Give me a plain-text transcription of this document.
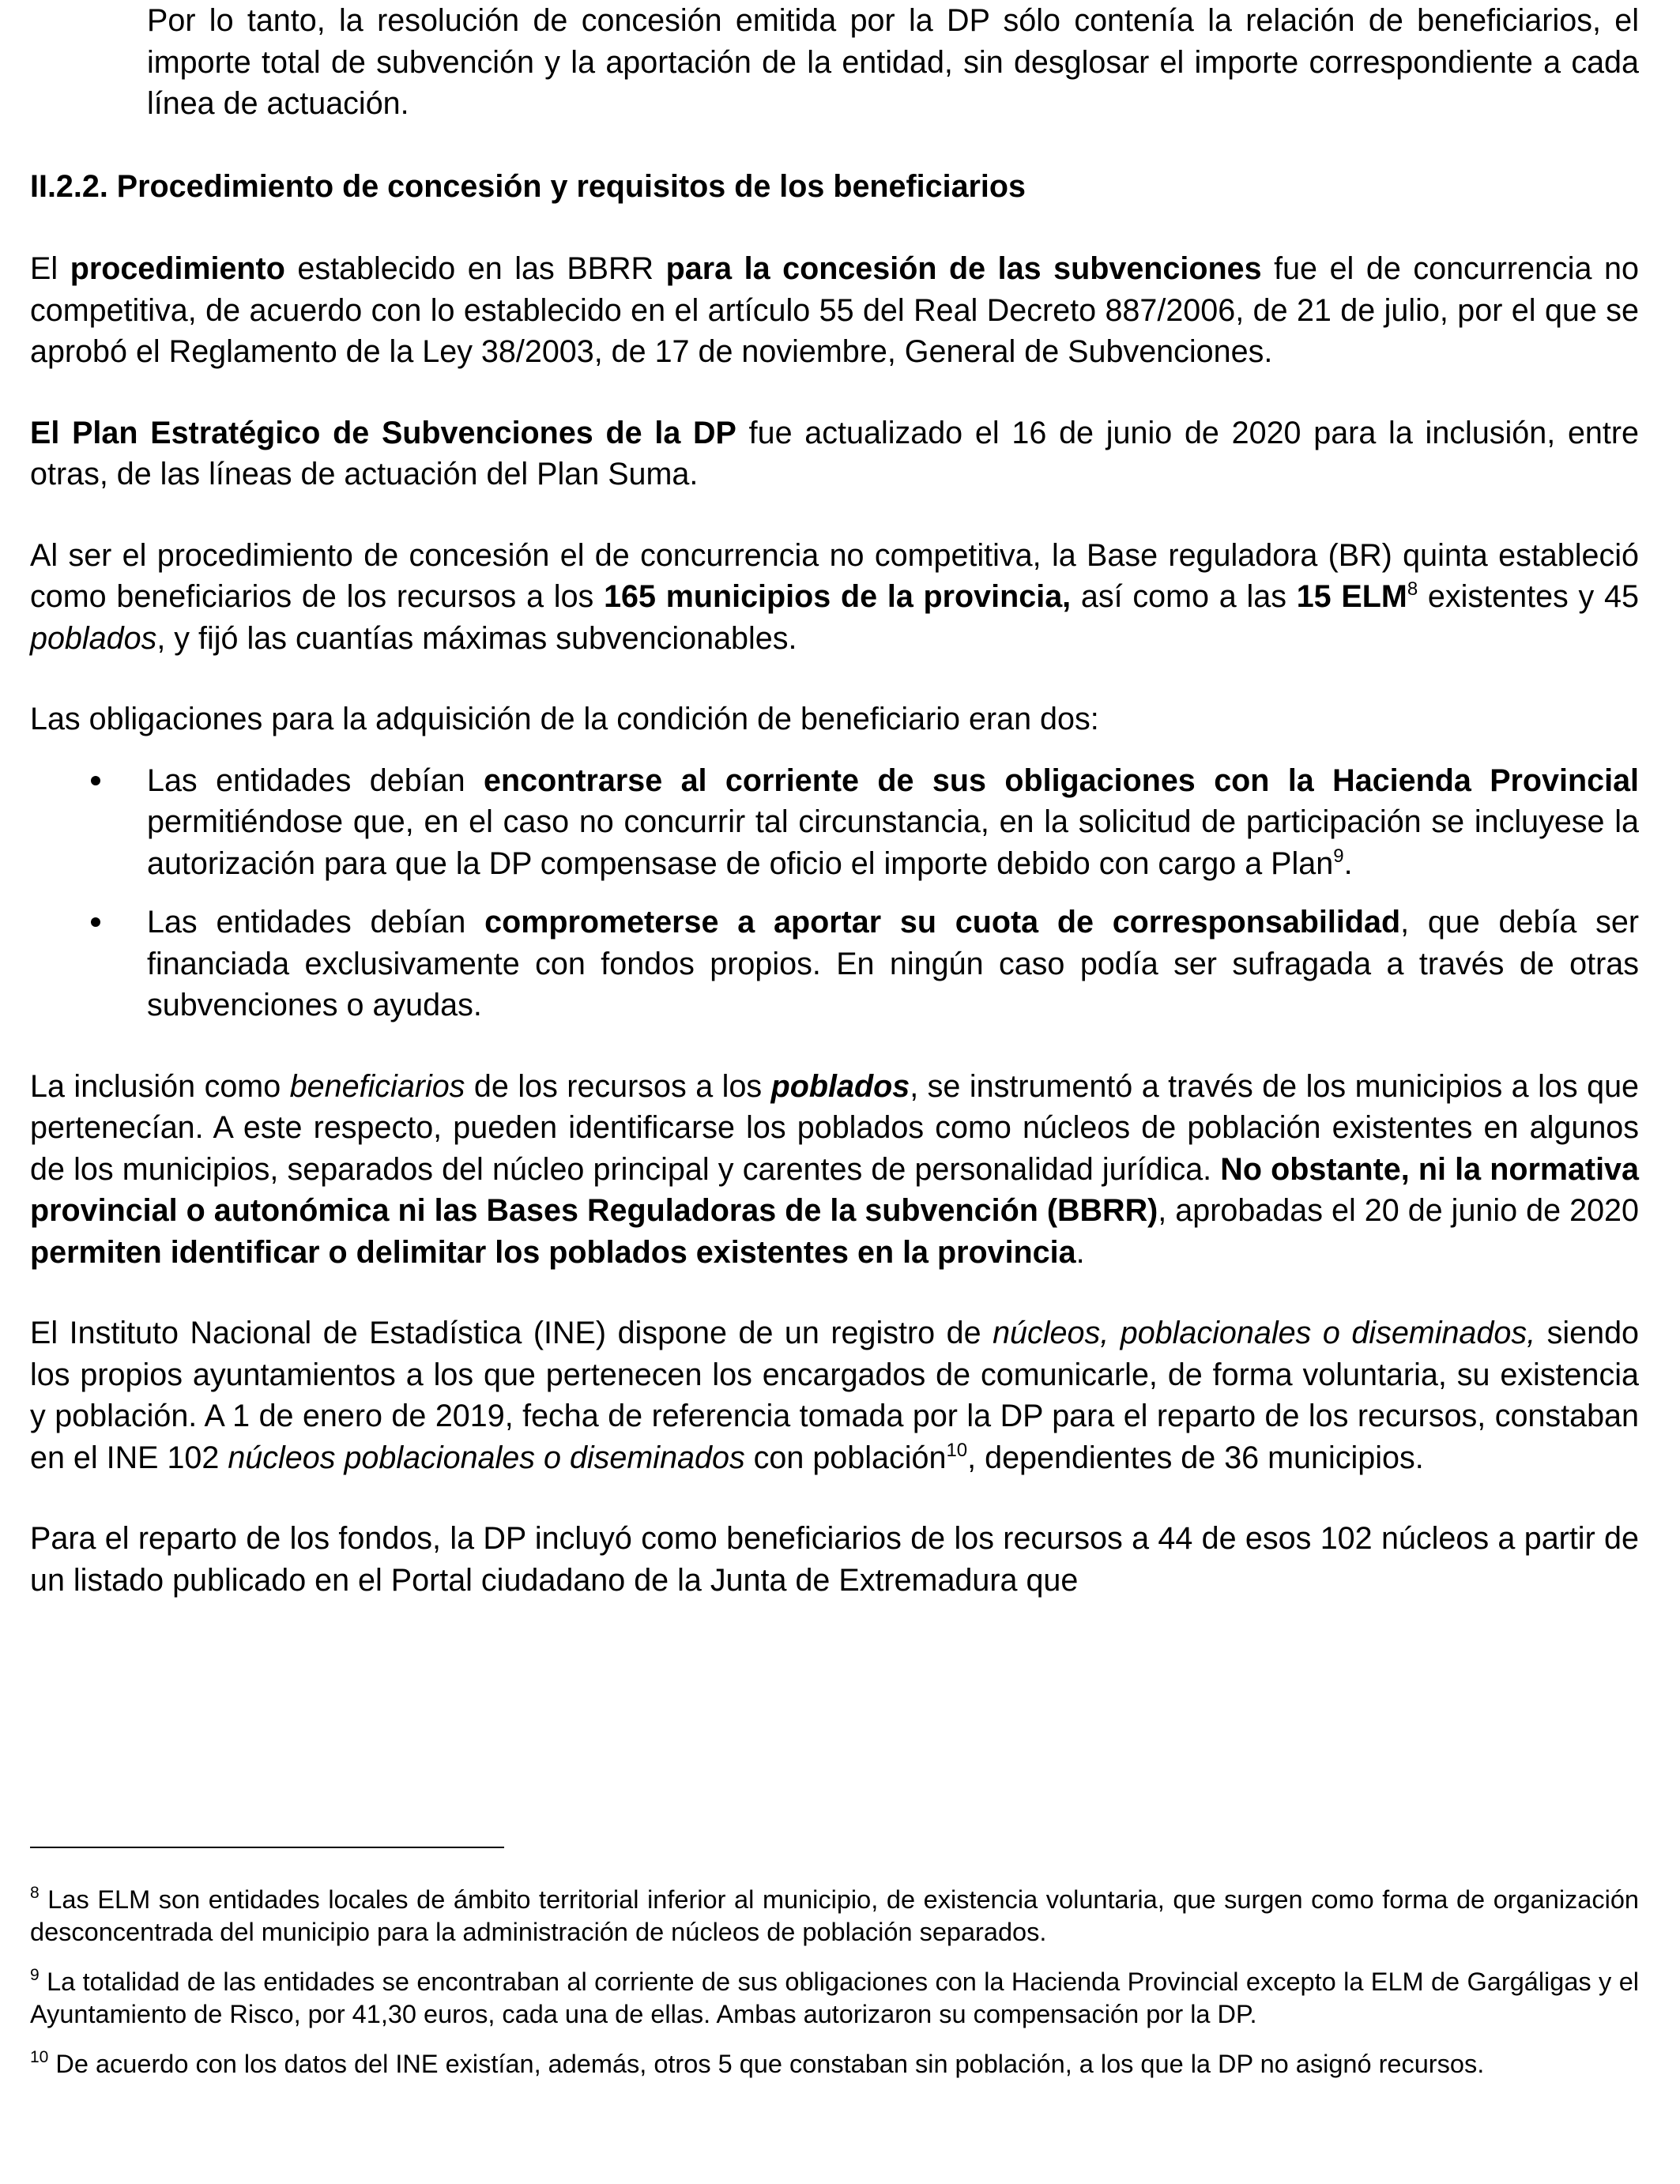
Por lo tanto, la resolución de concesión emitida por la DP sólo contenía la relación de beneficiarios, el importe total de subvención y la aportación de la entidad, sin desglosar el importe correspondiente a cada línea de actuación.

II.2.2. Procedimiento de concesión y requisitos de los beneficiarios

El procedimiento establecido en las BBRR para la concesión de las subvenciones fue el de concurrencia no competitiva, de acuerdo con lo establecido en el artículo 55 del Real Decreto 887/2006, de 21 de julio, por el que se aprobó el Reglamento de la Ley 38/2003, de 17 de noviembre, General de Subvenciones.

El Plan Estratégico de Subvenciones de la DP fue actualizado el 16 de junio de 2020 para la inclusión, entre otras, de las líneas de actuación del Plan Suma.

Al ser el procedimiento de concesión el de concurrencia no competitiva, la Base reguladora (BR) quinta estableció como beneficiarios de los recursos a los 165 municipios de la provincia, así como a las 15 ELM$^8$ existentes y 45 poblados, y fijó las cuantías máximas subvencionables.

Las obligaciones para la adquisición de la condición de beneficiario eran dos:

Las entidades debían encontrarse al corriente de sus obligaciones con la Hacienda Provincial permitiéndose que, en el caso no concurrir tal circunstancia, en la solicitud de participación se incluyese la autorización para que la DP compensase de oficio el importe debido con cargo a Plan$^9$.

Las entidades debían comprometerse a aportar su cuota de corresponsabilidad, que debía ser financiada exclusivamente con fondos propios. En ningún caso podía ser sufragada a través de otras subvenciones o ayudas.

La inclusión como beneficiarios de los recursos a los poblados, se instrumentó a través de los municipios a los que pertenecían. A este respecto, pueden identificarse los poblados como núcleos de población existentes en algunos de los municipios, separados del núcleo principal y carentes de personalidad jurídica. No obstante, ni la normativa provincial o autonómica ni las Bases Reguladoras de la subvención (BBRR), aprobadas el 20 de junio de 2020 permiten identificar o delimitar los poblados existentes en la provincia.

El Instituto Nacional de Estadística (INE) dispone de un registro de núcleos, poblacionales o diseminados, siendo los propios ayuntamientos a los que pertenecen los encargados de comunicarle, de forma voluntaria, su existencia y población. A 1 de enero de 2019, fecha de referencia tomada por la DP para el reparto de los recursos, constaban en el INE 102 núcleos poblacionales o diseminados con población$^{10}$, dependientes de 36 municipios.

Para el reparto de los fondos, la DP incluyó como beneficiarios de los recursos a 44 de esos 102 núcleos a partir de un listado publicado en el Portal ciudadano de la Junta de Extremadura que

$^8$ Las ELM son entidades locales de ámbito territorial inferior al municipio, de existencia voluntaria, que surgen como forma de organización desconcentrada del municipio para la administración de núcleos de población separados.

$^9$ La totalidad de las entidades se encontraban al corriente de sus obligaciones con la Hacienda Provincial excepto la ELM de Gargáligas y el Ayuntamiento de Risco, por 41,30 euros, cada una de ellas. Ambas autorizaron su compensación por la DP.

$^{10}$ De acuerdo con los datos del INE existían, además, otros 5 que constaban sin población, a los que la DP no asignó recursos.
